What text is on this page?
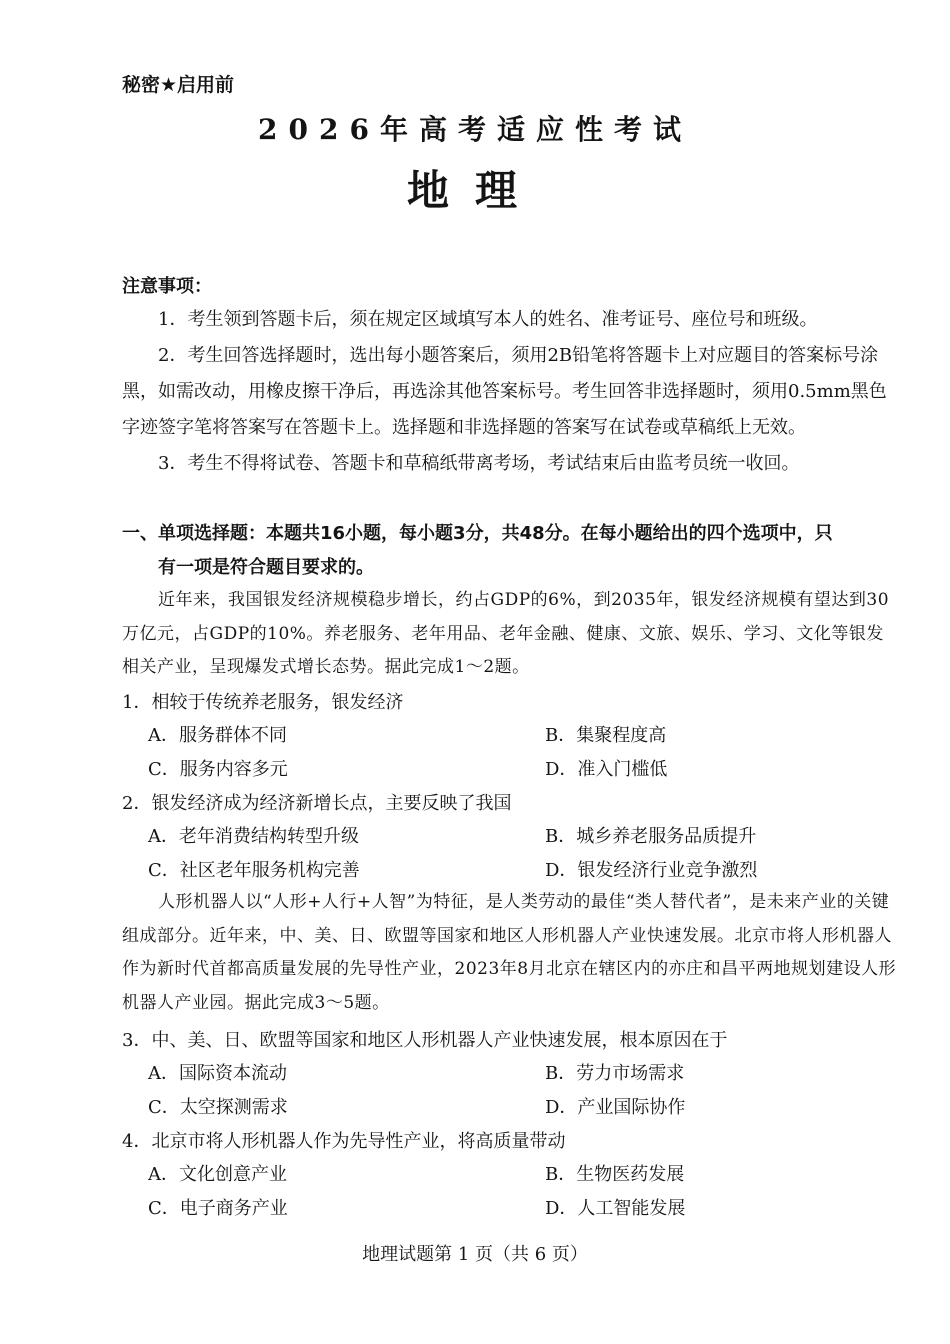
秘密★启用前
2026年高考适应性考试
地理
注意事项：

1．考生领到答题卡后，须在规定区域填写本人的姓名、准考证号、座位号和班级。

2．考生回答选择题时，选出每小题答案后，须用2B铅笔将答题卡上对应题目的答案标号涂黑，如需改动，用橡皮擦干净后，再选涂其他答案标号。考生回答非选择题时，须用0.5mm黑色字迹签字笔将答案写在答题卡上。选择题和非选择题的答案写在试卷或草稿纸上无效。

3．考生不得将试卷、答题卡和草稿纸带离考场，考试结束后由监考员统一收回。

一、单项选择题：本题共16小题，每小题3分，共48分。在每小题给出的四个选项中，只
有一项是符合题目要求的。
近年来，我国银发经济规模稳步增长，约占GDP的6%，到2035年，银发经济规模有望达到30万亿元，占GDP的10%。养老服务、老年用品、老年金融、健康、文旅、娱乐、学习、文化等银发相关产业，呈现爆发式增长态势。据此完成1～2题。
1．相较于传统养老服务，银发经济
A．服务群体不同	B．集聚程度高
C．服务内容多元	D．准入门槛低
2．银发经济成为经济新增长点，主要反映了我国
A．老年消费结构转型升级	B．城乡养老服务品质提升
C．社区老年服务机构完善	D．银发经济行业竞争激烈
人形机器人以“人形+人行+人智”为特征，是人类劳动的最佳“类人替代者”，是未来产业的关键组成部分。近年来，中、美、日、欧盟等国家和地区人形机器人产业快速发展。北京市将人形机器人作为新时代首都高质量发展的先导性产业，2023年8月北京在辖区内的亦庄和昌平两地规划建设人形机器人产业园。据此完成3～5题。
3．中、美、日、欧盟等国家和地区人形机器人产业快速发展，根本原因在于
A．国际资本流动	B．劳力市场需求
C．太空探测需求	D．产业国际协作
4．北京市将人形机器人作为先导性产业，将高质量带动
A．文化创意产业	B．生物医药发展
C．电子商务产业	D．人工智能发展
地理试题第 1 页（共 6 页）
